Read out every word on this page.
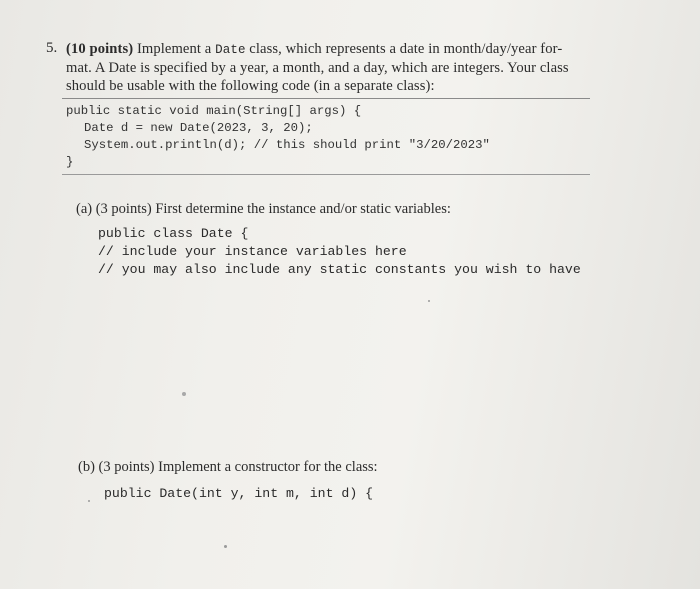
5. (10 points) Implement a Date class, which represents a date in month/day/year for-
mat. A Date is specified by a year, a month, and a day, which are integers. Your class
should be usable with the following code (in a separate class):
public static void main(String[] args) {
Date d = new Date(2023, 3, 20);
System.out.println(d); // this should print "3/20/2023"
}
(a) (3 points) First determine the instance and/or static variables:
public class Date {
// include your instance variables here
// you may also include any static constants you wish to have
(b) (3 points) Implement a constructor for the class:
public Date(int y, int m, int d) {
